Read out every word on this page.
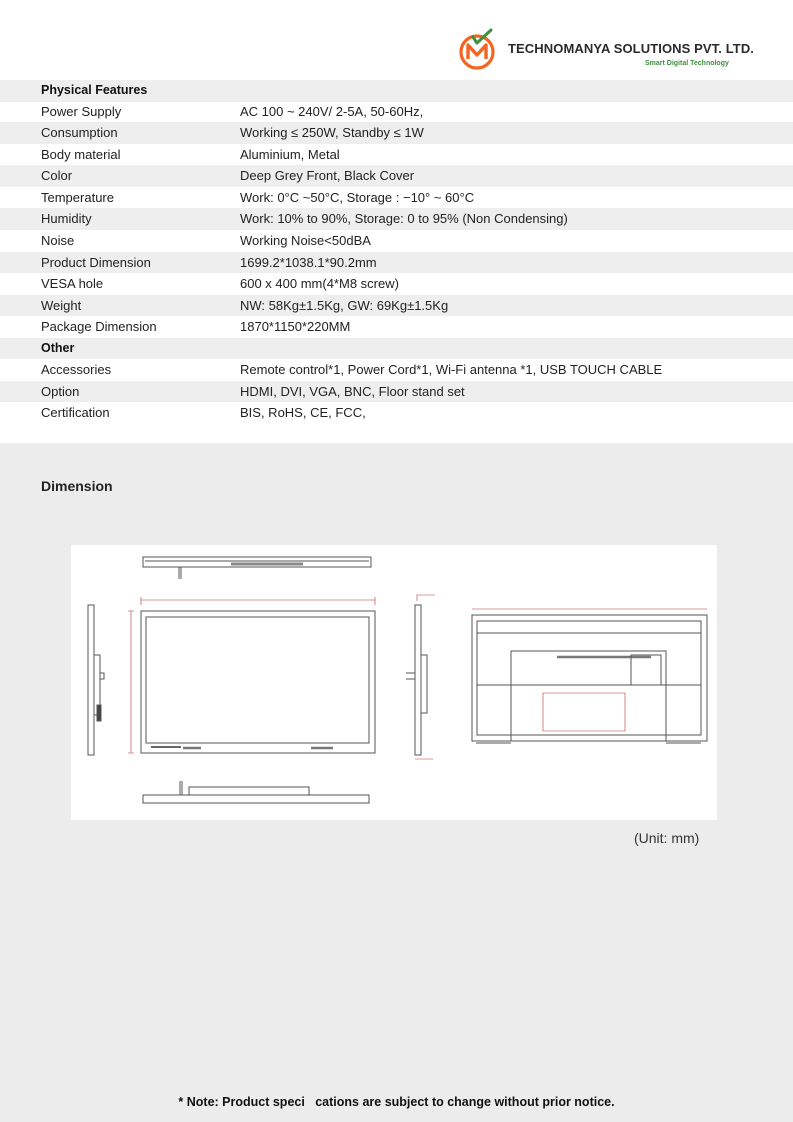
TECHNOMANYA SOLUTIONS PVT. LTD.
Smart Digital Technology
Physical Features
Power Supply	AC 100 ~ 240V/ 2-5A, 50-60Hz,
Consumption	Working ≤ 250W, Standby ≤ 1W
Body material	Aluminium, Metal
Color	Deep Grey Front, Black Cover
Temperature	Work: 0°C ~50°C, Storage : −10° ~ 60°C
Humidity	Work: 10% to 90%, Storage: 0 to 95% (Non Condensing)
Noise	Working Noise<50dBA
Product Dimension	1699.2*1038.1*90.2mm
VESA hole	600 x 400 mm(4*M8 screw)
Weight	NW: 58Kg±1.5Kg, GW: 69Kg±1.5Kg
Package Dimension	1870*1150*220MM
Other
Accessories	Remote control*1, Power Cord*1, Wi-Fi antenna *1, USB TOUCH CABLE
Option	HDMI, DVI, VGA, BNC, Floor stand set
Certification	BIS, RoHS, CE, FCC,
Dimension
(Unit: mm)
* Note: Product speci   cations are subject to change without prior notice.
